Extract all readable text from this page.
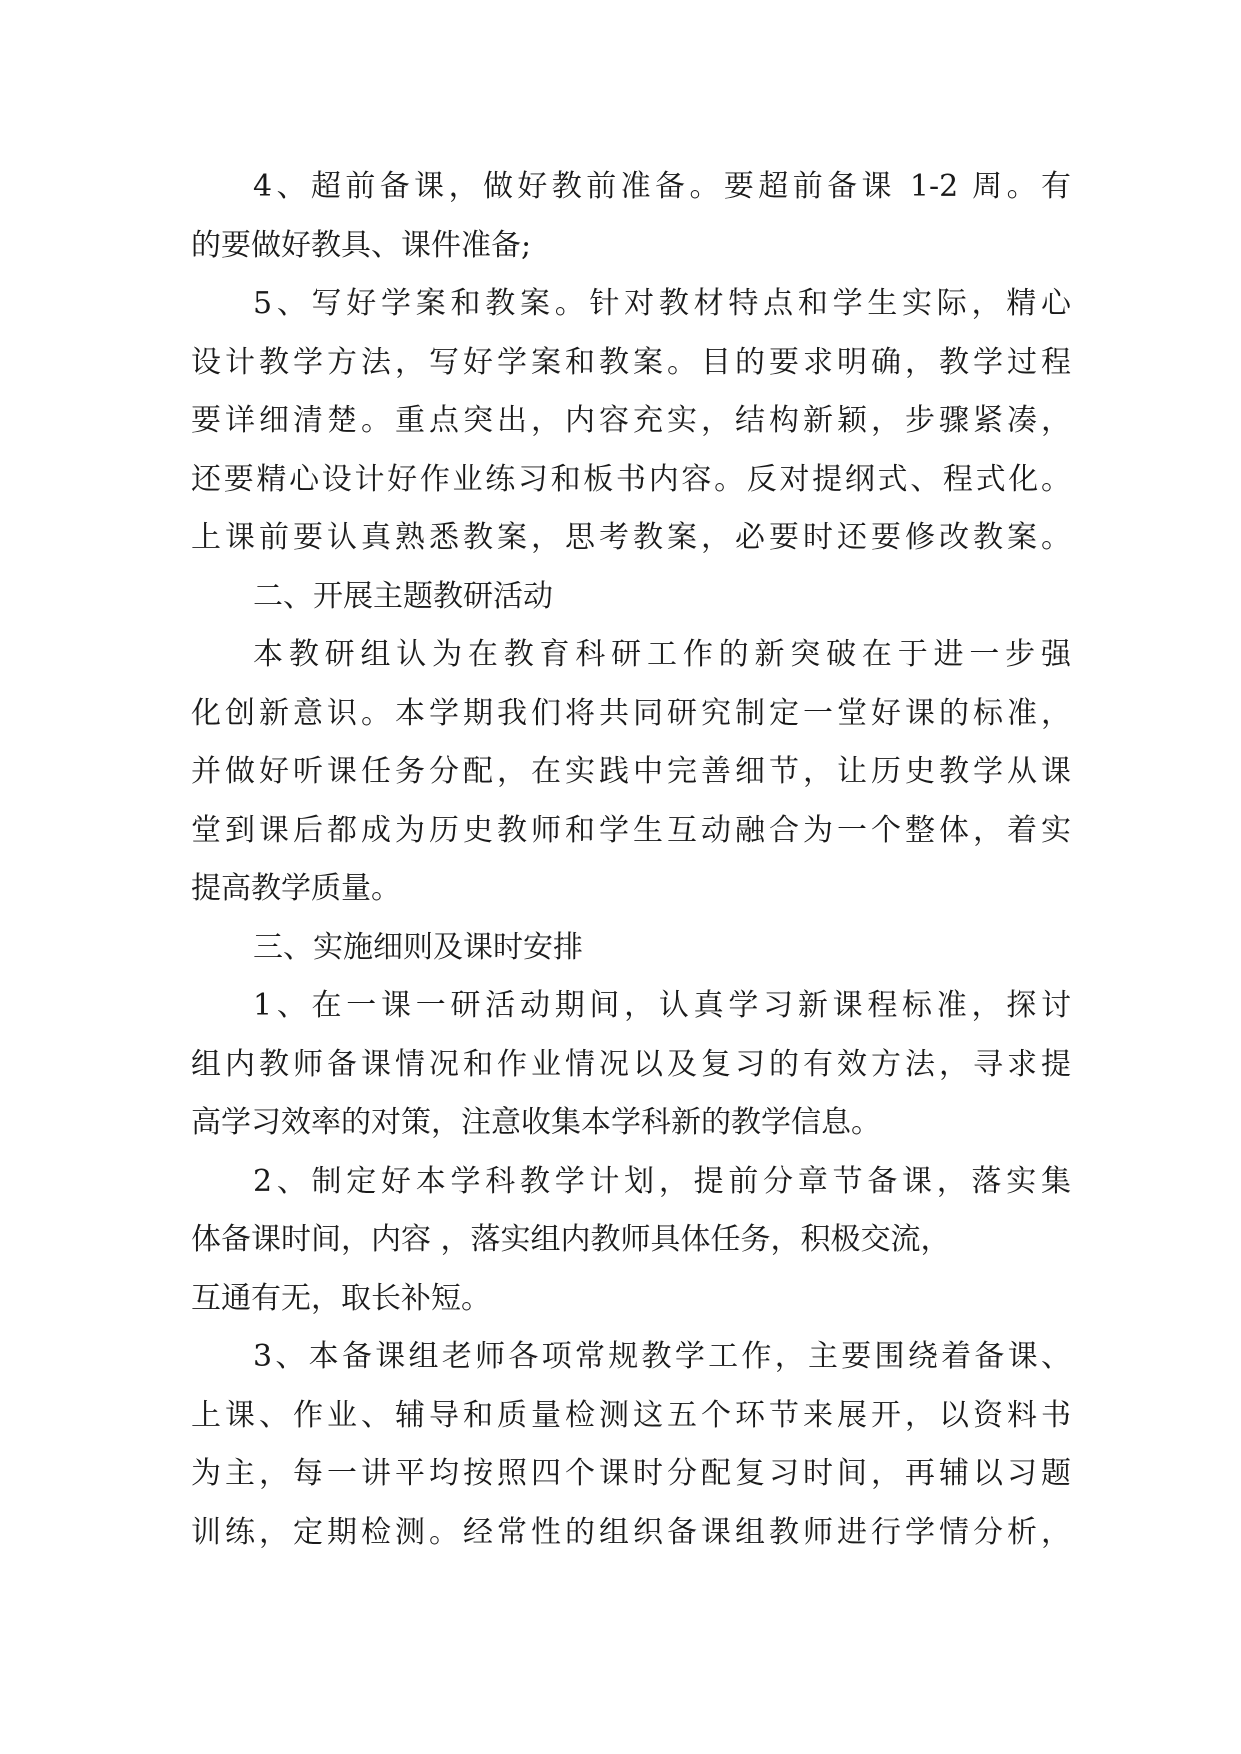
4、超前备课，做好教前准备。要超前备课 1-2 周。有
的要做好教具、课件准备;
5、写好学案和教案。针对教材特点和学生实际，精心
设计教学方法，写好学案和教案。目的要求明确，教学过程
要详细清楚。重点突出，内容充实，结构新颖，步骤紧凑，
还要精心设计好作业练习和板书内容。反对提纲式、程式化。
上课前要认真熟悉教案，思考教案，必要时还要修改教案。
二、开展主题教研活动
本教研组认为在教育科研工作的新突破在于进一步强
化创新意识。本学期我们将共同研究制定一堂好课的标准，
并做好听课任务分配，在实践中完善细节，让历史教学从课
堂到课后都成为历史教师和学生互动融合为一个整体，着实
提高教学质量。
三、实施细则及课时安排
1、在一课一研活动期间，认真学习新课程标准，探讨
组内教师备课情况和作业情况以及复习的有效方法，寻求提
高学习效率的对策，注意收集本学科新的教学信息。
2、制定好本学科教学计划，提前分章节备课，落实集
体备课时间，内容 ，落实组内教师具体任务，积极交流，
互通有无，取长补短。
3、本备课组老师各项常规教学工作，主要围绕着备课、
上课、作业、辅导和质量检测这五个环节来展开，以资料书
为主，每一讲平均按照四个课时分配复习时间，再辅以习题
训练，定期检测。经常性的组织备课组教师进行学情分析，
